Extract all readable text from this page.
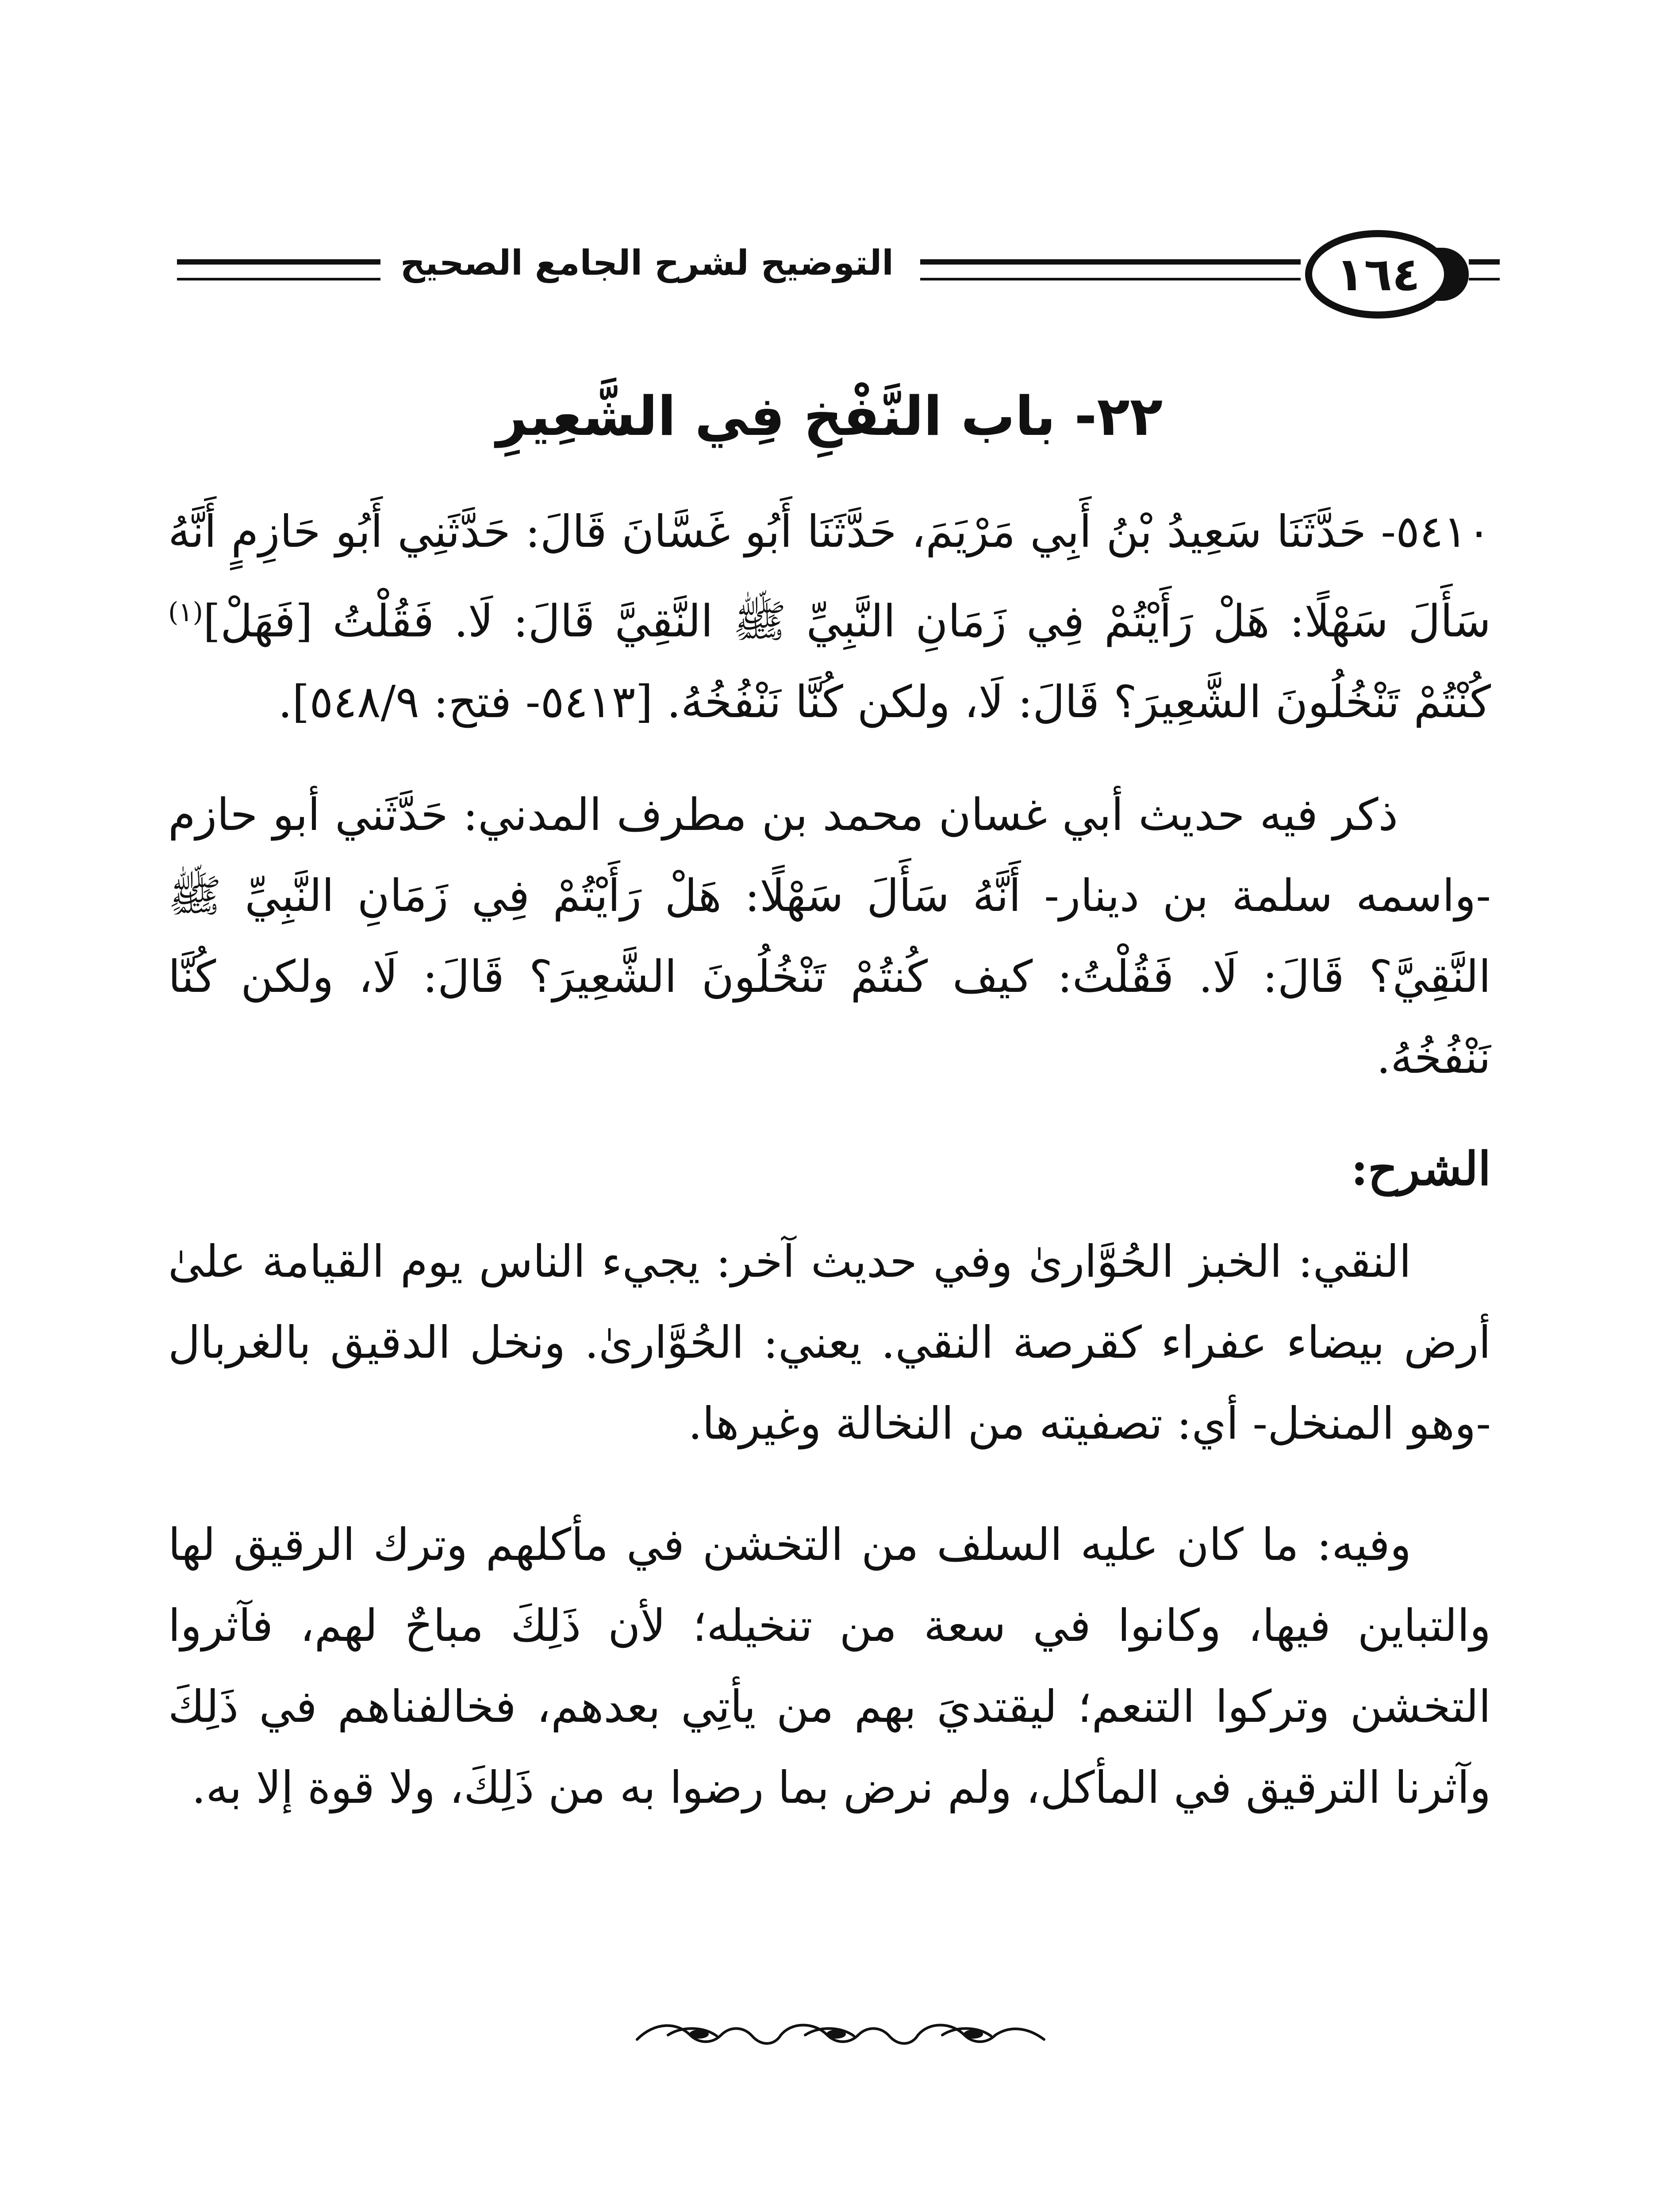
التوضيح لشرح الجامع الصحيح	١٦٤
٢٢- باب النَّفْخِ فِي الشَّعِيرِ
٥٤١٠- حَدَّثَنَا سَعِيدُ بْنُ أَبِي مَرْيَمَ، حَدَّثَنَا أَبُو غَسَّانَ قَالَ: حَدَّثَنِي أَبُو حَازِمٍ أَنَّهُ سَأَلَ سَهْلًا: هَلْ رَأَيْتُمْ فِي زَمَانِ النَّبِيِّ ﷺ النَّقِيَّ قَالَ: لَا. فَقُلْتُ [فَهَلْ]$^{(١)}$ كُنْتُمْ تَنْخُلُونَ الشَّعِيرَ؟ قَالَ: لَا، ولكن كُنَّا نَنْفُخُهُ. [٥٤١٣- فتح: ٥٤٨/٩].
ذكر فيه حديث أبي غسان محمد بن مطرف المدني: حَدَّثَني أبو حازم -واسمه سلمة بن دينار- أَنَّهُ سَأَلَ سَهْلًا: هَلْ رَأَيْتُمْ فِي زَمَانِ النَّبِيِّ ﷺ النَّقِيَّ؟ قَالَ: لَا. فَقُلْتُ: كيف كُنتُمْ تَنْخُلُونَ الشَّعِيرَ؟ قَالَ: لَا، ولكن كُنَّا نَنْفُخُهُ.
الشرح:
النقي: الخبز الحُوَّارىٰ وفي حديث آخر: يجيء الناس يوم القيامة علىٰ أرض بيضاء عفراء كقرصة النقي. يعني: الحُوَّارىٰ. ونخل الدقيق بالغربال -وهو المنخل- أي: تصفيته من النخالة وغيرها.
وفيه: ما كان عليه السلف من التخشن في مأكلهم وترك الرقيق لها والتباين فيها، وكانوا في سعة من تنخيله؛ لأن ذَلِكَ مباحٌ لهم، فآثروا التخشن وتركوا التنعم؛ ليقتديَ بهم من يأتِي بعدهم، فخالفناهم في ذَلِكَ وآثرنا الترقيق في المأكل، ولم نرض بما رضوا به من ذَلِكَ، ولا قوة إلا به.
